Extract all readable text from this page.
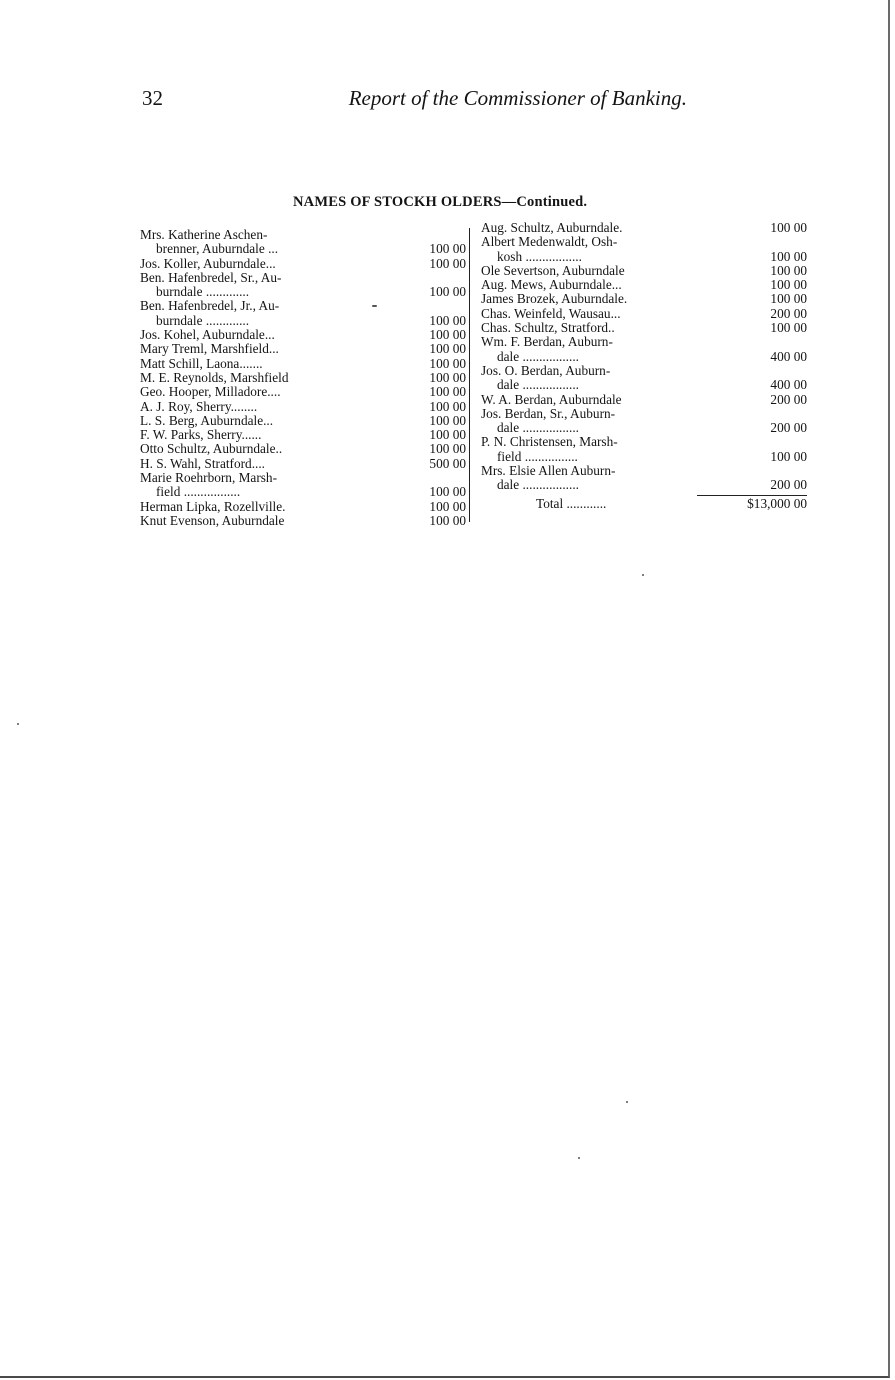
32	Report of the Commissioner of Banking.
NAMES OF STOCKH OLDERS—Continued.
Mrs. Katherine Aschen-
brenner, Auburndale ...	100 00
Jos. Koller, Auburndale...	100 00
Ben. Hafenbredel, Sr., Au-
burndale .............	100 00
Ben. Hafenbredel, Jr., Au-
burndale .............	100 00
Jos. Kohel, Auburndale...	100 00
Mary Treml, Marshfield...	100 00
Matt Schill, Laona.......	100 00
M. E. Reynolds, Marshfield	100 00
Geo. Hooper, Milladore....	100 00
A. J. Roy, Sherry........	100 00
L. S. Berg, Auburndale...	100 00
F. W. Parks, Sherry......	100 00
Otto Schultz, Auburndale..	100 00
H. S. Wahl, Stratford....	500 00
Marie Roehrborn, Marsh-
field .................	100 00
Herman Lipka, Rozellville.	100 00
Knut Evenson, Auburndale	100 00
Aug. Schultz, Auburndale.	100 00
Albert Medenwaldt, Osh-
kosh .................	100 00
Ole Severtson, Auburndale	100 00
Aug. Mews, Auburndale...	100 00
James Brozek, Auburndale.	100 00
Chas. Weinfeld, Wausau...	200 00
Chas. Schultz, Stratford..	100 00
Wm. F. Berdan, Auburn-
dale .................	400 00
Jos. O. Berdan, Auburn-
dale .................	400 00
W. A. Berdan, Auburndale	200 00
Jos. Berdan, Sr., Auburn-
dale .................	200 00
P. N. Christensen, Marsh-
field ................	100 00
Mrs. Elsie Allen Auburn-
dale .................	200 00
Total ............	$13,000 00
